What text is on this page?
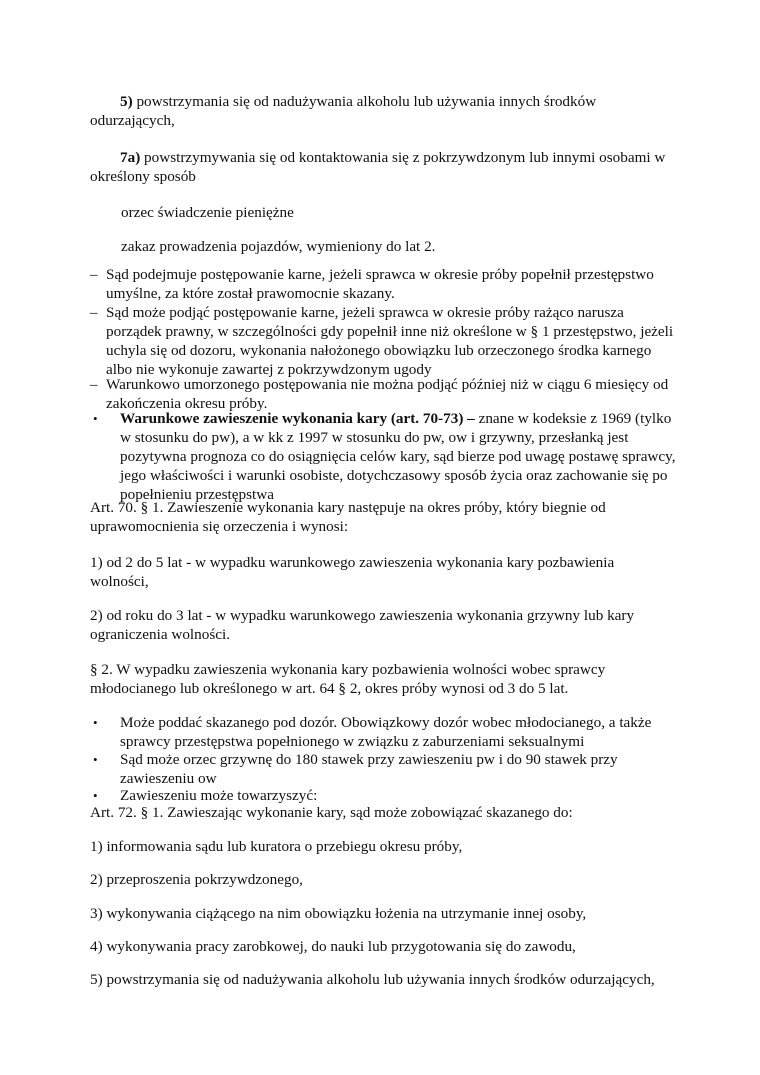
5) powstrzymania się od nadużywania alkoholu lub używania innych środków odurzających,

7a) powstrzymywania się od kontaktowania się z pokrzywdzonym lub innymi osobami w określony sposób

orzec świadczenie pieniężne

zakaz prowadzenia pojazdów, wymieniony do lat 2.

– Sąd podejmuje postępowanie karne, jeżeli sprawca w okresie próby popełnił przestępstwo umyślne, za które został prawomocnie skazany.
– Sąd może podjąć postępowanie karne, jeżeli sprawca w okresie próby rażąco narusza porządek prawny, w szczególności gdy popełnił inne niż określone w § 1 przestępstwo, jeżeli uchyla się od dozoru, wykonania nałożonego obowiązku lub orzeczonego środka karnego albo nie wykonuje zawartej z pokrzywdzonym ugody
– Warunkowo umorzonego postępowania nie można podjąć później niż w ciągu 6 miesięcy od zakończenia okresu próby.
• Warunkowe zawieszenie wykonania kary (art. 70-73) – znane w kodeksie z 1969 (tylko w stosunku do pw), a w kk z 1997 w stosunku do pw, ow i grzywny, przesłanką jest pozytywna prognoza co do osiągnięcia celów kary, sąd bierze pod uwagę postawę sprawcy, jego właściwości i warunki osobiste, dotychczasowy sposób życia oraz zachowanie się po popełnieniu przestępstwa

Art. 70. § 1. Zawieszenie wykonania kary następuje na okres próby, który biegnie od uprawomocnienia się orzeczenia i wynosi:

1) od 2 do 5 lat - w wypadku warunkowego zawieszenia wykonania kary pozbawienia wolności,

2) od roku do 3 lat - w wypadku warunkowego zawieszenia wykonania grzywny lub kary ograniczenia wolności.

§ 2. W wypadku zawieszenia wykonania kary pozbawienia wolności wobec sprawcy młodocianego lub określonego w art. 64 § 2, okres próby wynosi od 3 do 5 lat.

• Może poddać skazanego pod dozór. Obowiązkowy dozór wobec młodocianego, a także sprawcy przestępstwa popełnionego w związku z zaburzeniami seksualnymi
• Sąd może orzec grzywnę do 180 stawek przy zawieszeniu pw i do 90 stawek przy zawieszeniu ow
• Zawieszeniu może towarzyszyć:

Art. 72. § 1. Zawieszając wykonanie kary, sąd może zobowiązać skazanego do:

1) informowania sądu lub kuratora o przebiegu okresu próby,

2) przeproszenia pokrzywdzonego,

3) wykonywania ciążącego na nim obowiązku łożenia na utrzymanie innej osoby,

4) wykonywania pracy zarobkowej, do nauki lub przygotowania się do zawodu,

5) powstrzymania się od nadużywania alkoholu lub używania innych środków odurzających,
